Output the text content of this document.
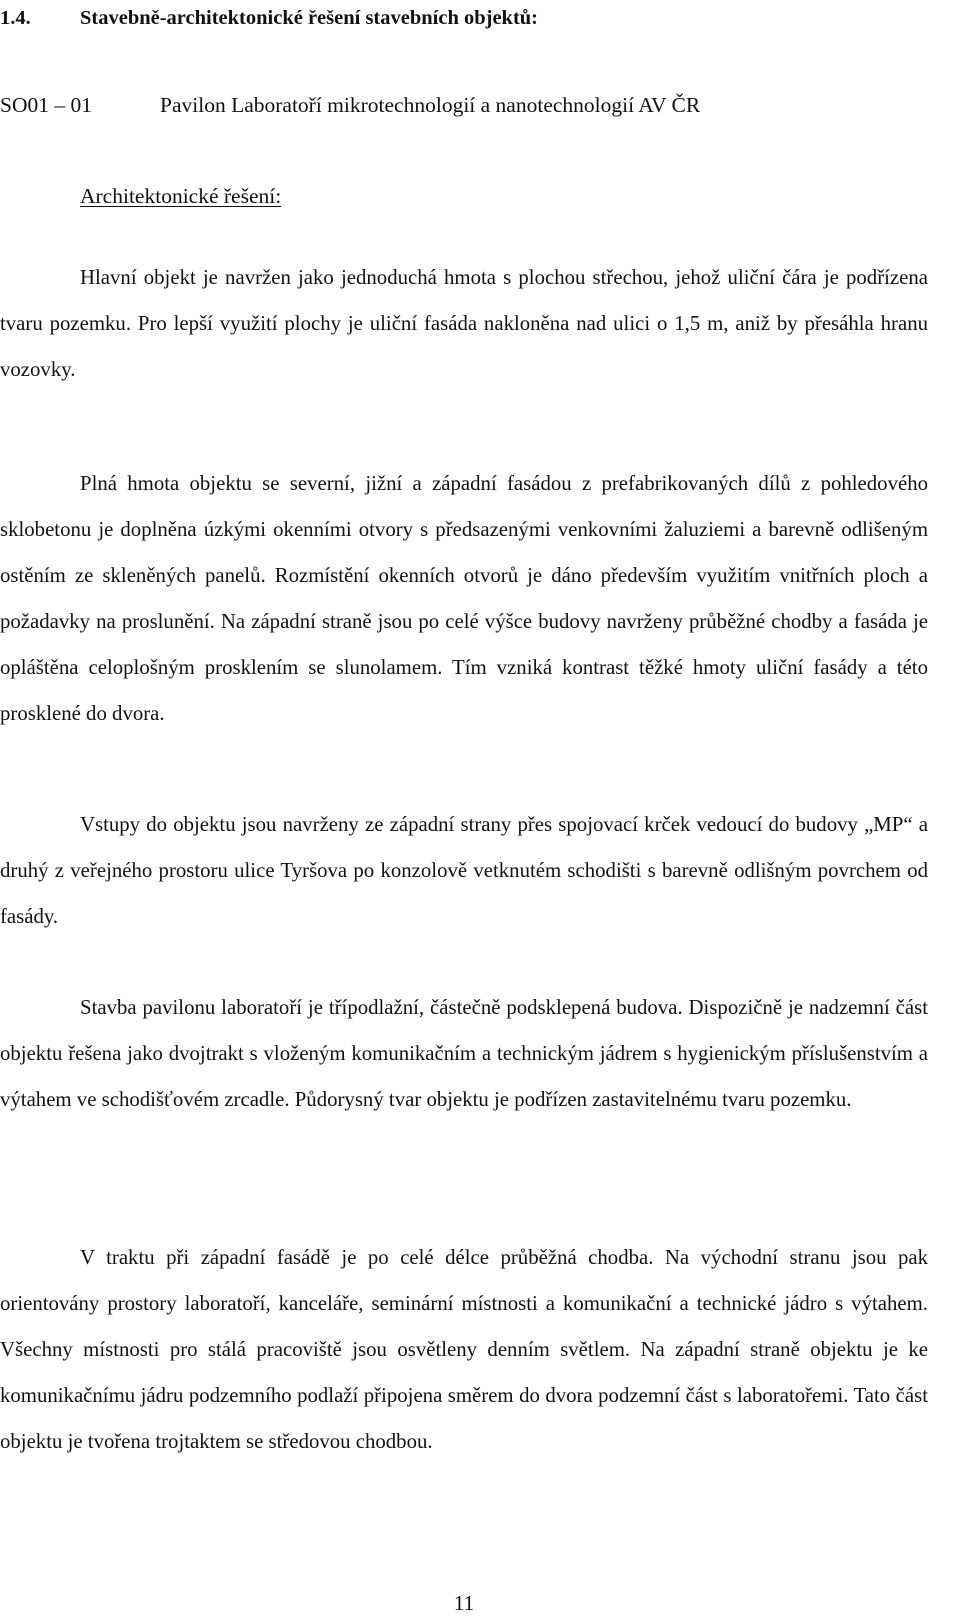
1.4. Stavebně-architektonické řešení stavebních objektů:
SO01 – 01	Pavilon Laboratoří mikrotechnologií a nanotechnologií AV ČR
Architektonické řešení:

Hlavní objekt je navržen jako jednoduchá hmota s plochou střechou, jehož uliční čára je podřízena tvaru pozemku. Pro lepší využití plochy je uliční fasáda nakloněna nad ulici o 1,5 m, aniž by přesáhla hranu vozovky.

Plná hmota objektu se severní, jižní a západní fasádou z prefabrikovaných dílů z pohledového sklobetonu je doplněna úzkými okenními otvory s předsazenými venkovními žaluziemi a barevně odlišeným ostěním ze skleněných panelů. Rozmístění okenních otvorů je dáno především využitím vnitřních ploch a požadavky na proslunění. Na západní straně jsou po celé výšce budovy navrženy průběžné chodby a fasáda je opláštěna celoplošným prosklením se slunolamem. Tím vzniká kontrast těžké hmoty uliční fasády a této prosklené do dvora.

Vstupy do objektu jsou navrženy ze západní strany přes spojovací krček vedoucí do budovy „MP“ a druhý z veřejného prostoru ulice Tyršova po konzolově vetknutém schodišti s barevně odlišným povrchem od fasády.

Stavba pavilonu laboratoří je třípodlažní, částečně podsklepená budova. Dispozičně je nadzemní část objektu řešena jako dvojtrakt s vloženým komunikačním a technickým jádrem s hygienickým příslušenstvím a výtahem ve schodišťovém zrcadle. Půdorysný tvar objektu je podřízen zastavitelnému tvaru pozemku.

V traktu při západní fasádě je po celé délce průběžná chodba. Na východní stranu jsou pak orientovány prostory laboratoří, kanceláře, seminární místnosti a komunikační a technické jádro s výtahem. Všechny místnosti pro stálá pracoviště jsou osvětleny denním světlem. Na západní straně objektu je ke komunikačnímu jádru podzemního podlaží připojena směrem do dvora podzemní část s laboratořemi. Tato část objektu je tvořena trojtaktem se středovou chodbou.

11
